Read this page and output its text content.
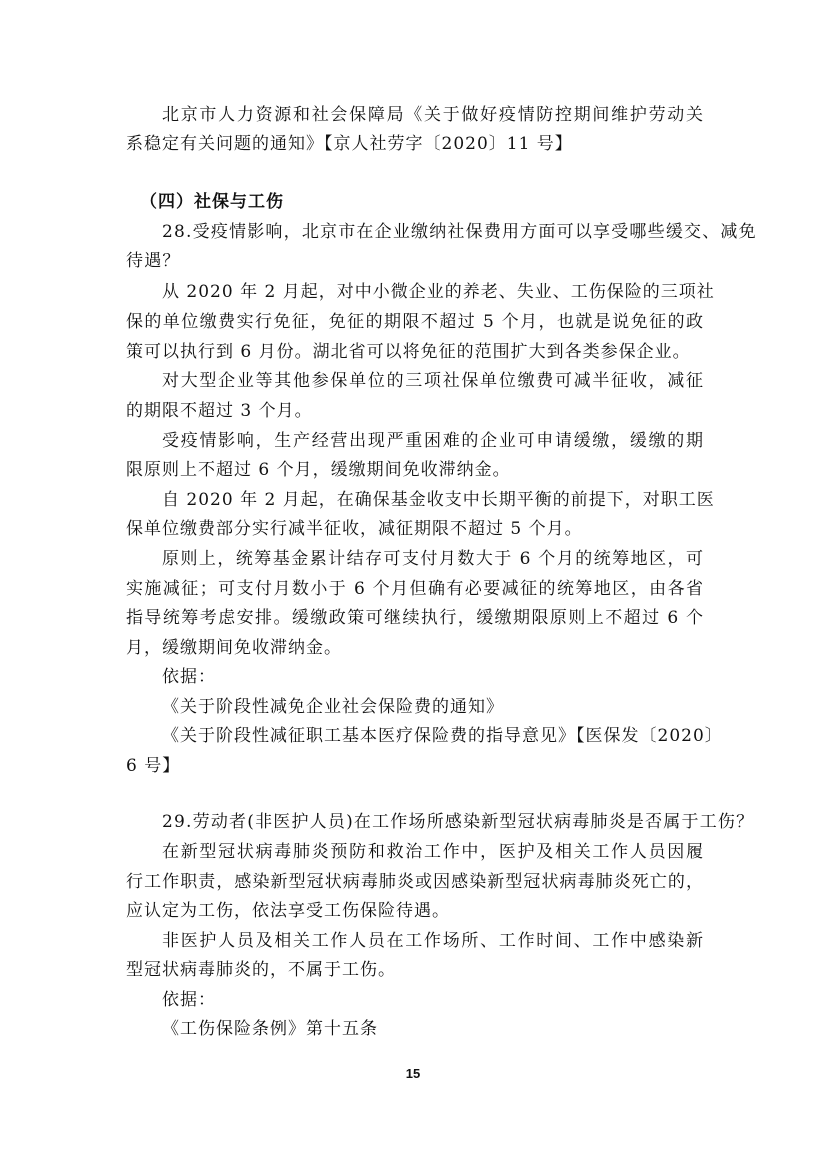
北京市人力资源和社会保障局《关于做好疫情防控期间维护劳动关
系稳定有关问题的通知》【京人社劳字〔2020〕11 号】
（四）社保与工伤
28.受疫情影响，北京市在企业缴纳社保费用方面可以享受哪些缓交、减免
待遇？
从 2020 年 2 月起，对中小微企业的养老、失业、工伤保险的三项社
保的单位缴费实行免征，免征的期限不超过 5 个月，也就是说免征的政
策可以执行到 6 月份。湖北省可以将免征的范围扩大到各类参保企业。
对大型企业等其他参保单位的三项社保单位缴费可减半征收，减征
的期限不超过 3 个月。
受疫情影响，生产经营出现严重困难的企业可申请缓缴，缓缴的期
限原则上不超过 6 个月，缓缴期间免收滞纳金。
自 2020 年 2 月起，在确保基金收支中长期平衡的前提下，对职工医
保单位缴费部分实行减半征收，减征期限不超过 5 个月。
原则上，统筹基金累计结存可支付月数大于 6 个月的统筹地区，可
实施减征；可支付月数小于 6 个月但确有必要减征的统筹地区，由各省
指导统筹考虑安排。缓缴政策可继续执行，缓缴期限原则上不超过 6 个
月，缓缴期间免收滞纳金。
依据：
《关于阶段性减免企业社会保险费的通知》
《关于阶段性减征职工基本医疗保险费的指导意见》【医保发〔2020〕
6 号】
29.劳动者(非医护人员)在工作场所感染新型冠状病毒肺炎是否属于工伤？
在新型冠状病毒肺炎预防和救治工作中，医护及相关工作人员因履
行工作职责，感染新型冠状病毒肺炎或因感染新型冠状病毒肺炎死亡的，
应认定为工伤，依法享受工伤保险待遇。
非医护人员及相关工作人员在工作场所、工作时间、工作中感染新
型冠状病毒肺炎的，不属于工伤。
依据：
《工伤保险条例》第十五条
15
